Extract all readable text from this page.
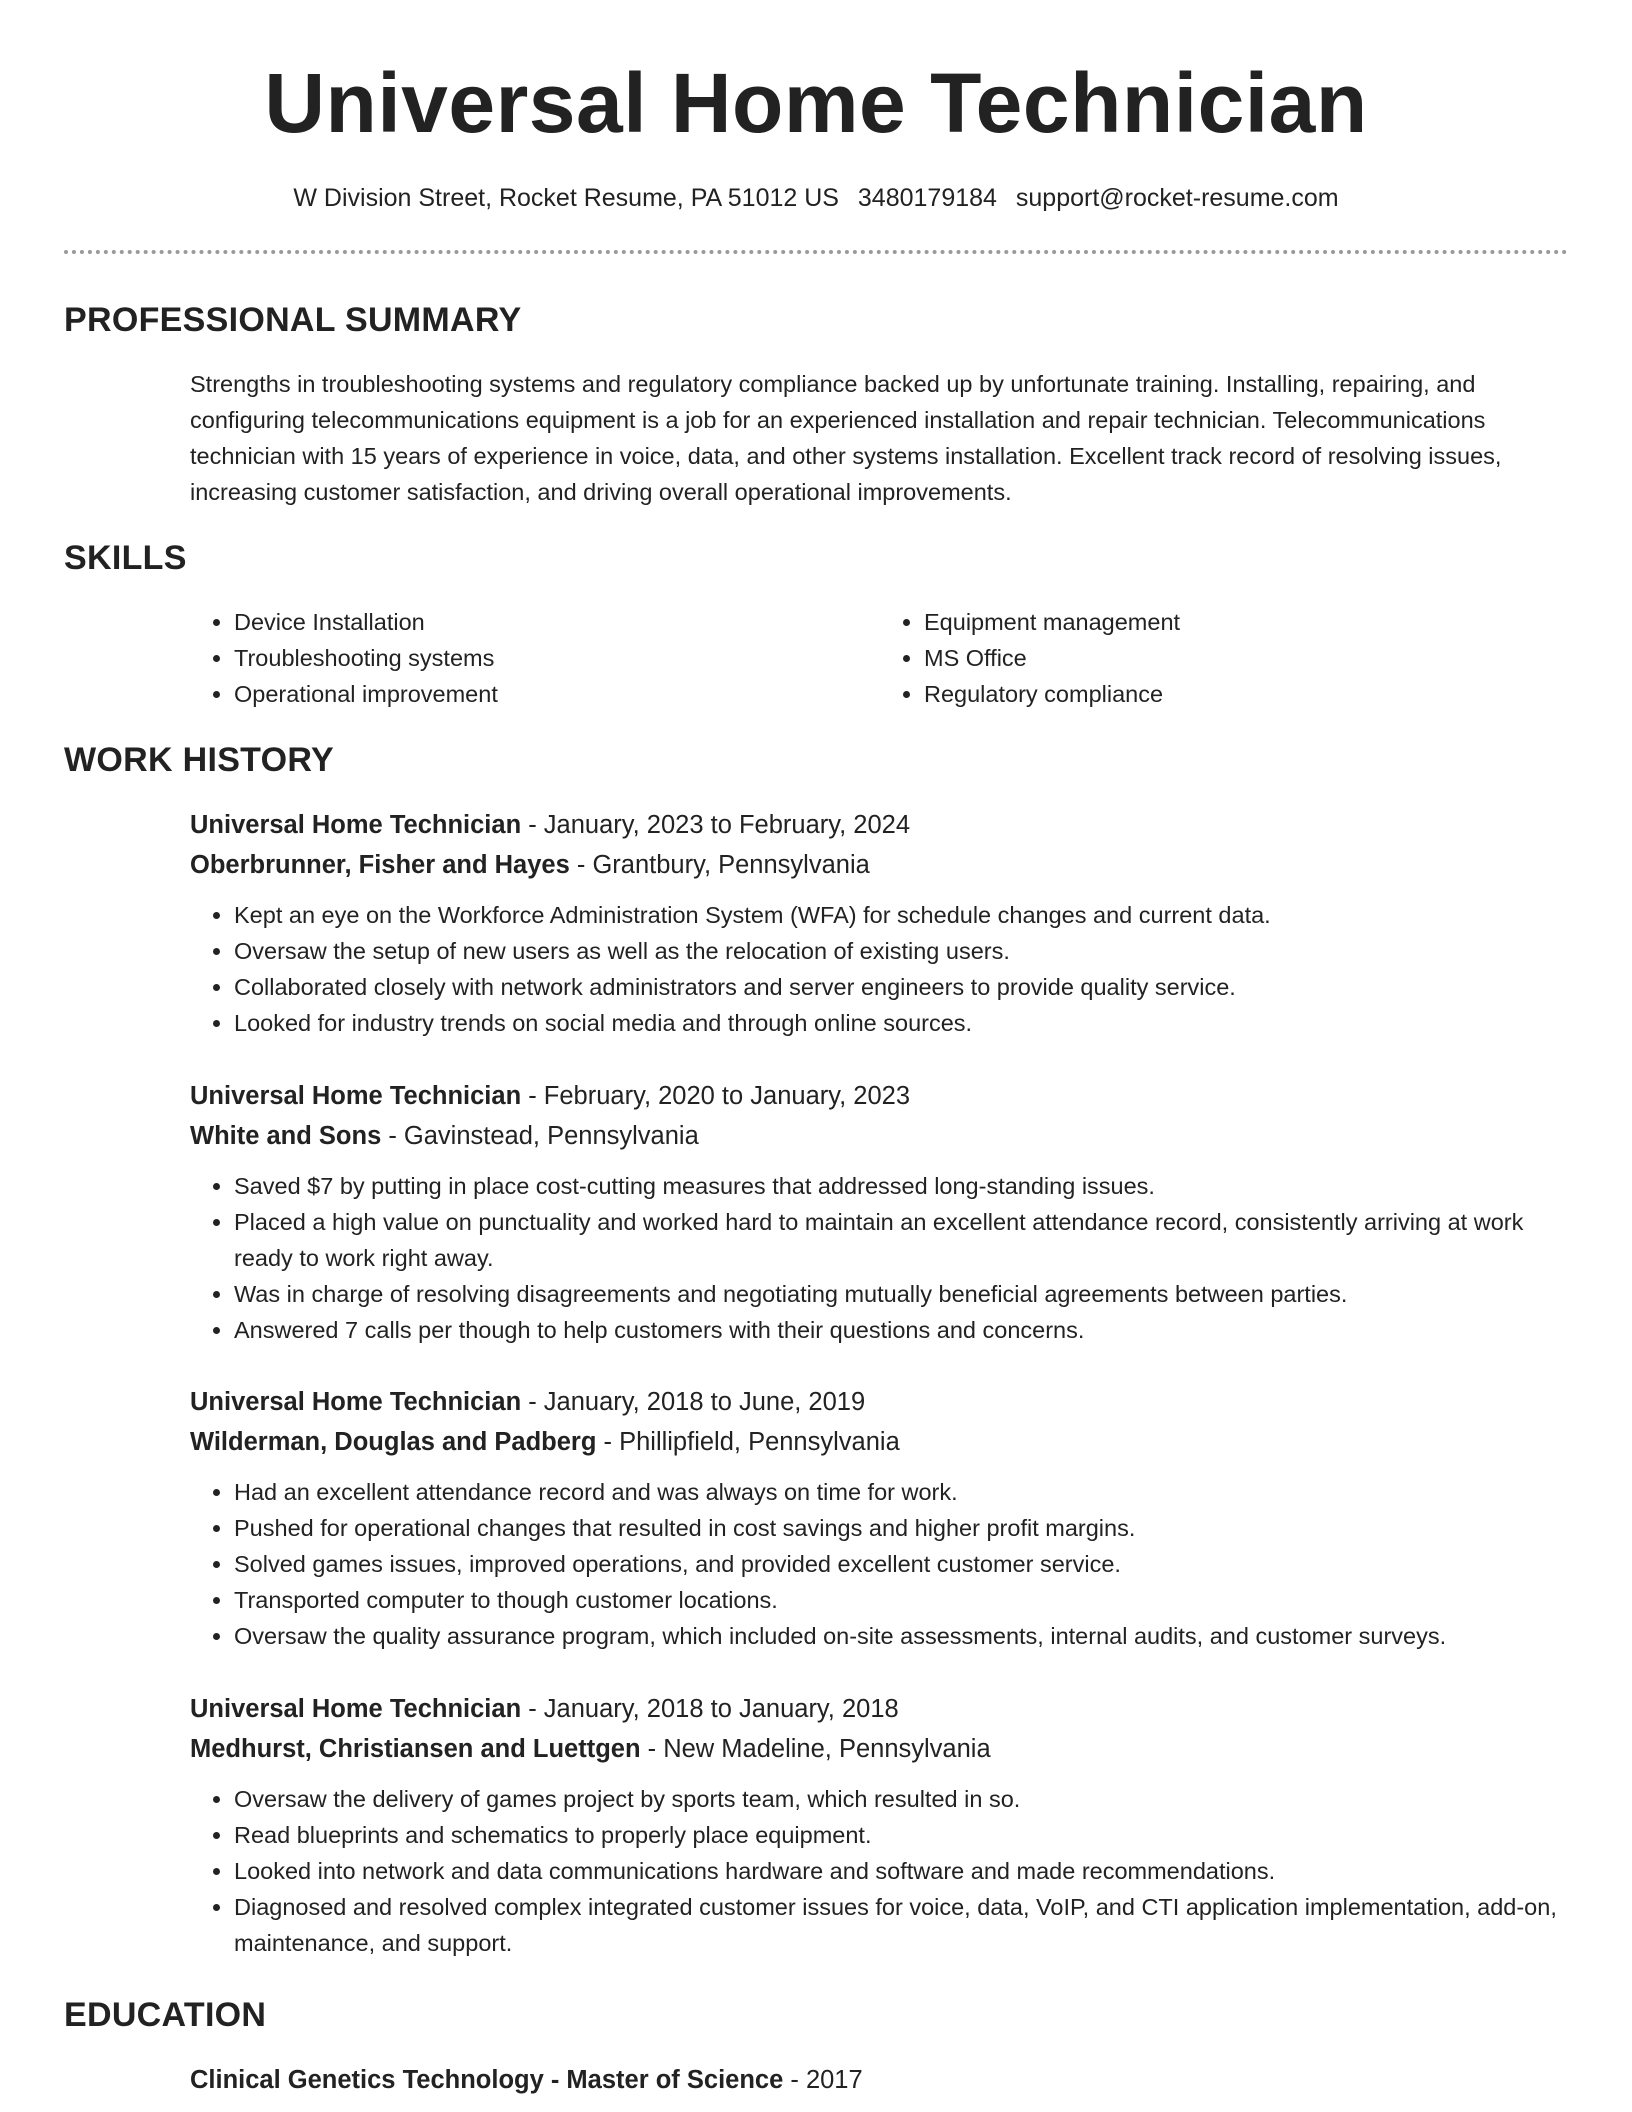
Universal Home Technician
W Division Street, Rocket Resume, PA 51012 US 3480179184 support@rocket-resume.com
PROFESSIONAL SUMMARY

Strengths in troubleshooting systems and regulatory compliance backed up by unfortunate training. Installing, repairing, and configuring telecommunications equipment is a job for an experienced installation and repair technician. Telecommunications technician with 15 years of experience in voice, data, and other systems installation. Excellent track record of resolving issues, increasing customer satisfaction, and driving overall operational improvements.

SKILLS
• Device Installation
• Troubleshooting systems
• Operational improvement
• Equipment management
• MS Office
• Regulatory compliance
WORK HISTORY

Universal Home Technician - January, 2023 to February, 2024

Oberbrunner, Fisher and Hayes - Grantbury, Pennsylvania

• Kept an eye on the Workforce Administration System (WFA) for schedule changes and current data.
• Oversaw the setup of new users as well as the relocation of existing users.
• Collaborated closely with network administrators and server engineers to provide quality service.
• Looked for industry trends on social media and through online sources.

Universal Home Technician - February, 2020 to January, 2023

White and Sons - Gavinstead, Pennsylvania

• Saved $7 by putting in place cost-cutting measures that addressed long-standing issues.
• Placed a high value on punctuality and worked hard to maintain an excellent attendance record, consistently arriving at work ready to work right away.
• Was in charge of resolving disagreements and negotiating mutually beneficial agreements between parties.
• Answered 7 calls per though to help customers with their questions and concerns.

Universal Home Technician - January, 2018 to June, 2019

Wilderman, Douglas and Padberg - Phillipfield, Pennsylvania

• Had an excellent attendance record and was always on time for work.
• Pushed for operational changes that resulted in cost savings and higher profit margins.
• Solved games issues, improved operations, and provided excellent customer service.
• Transported computer to though customer locations.
• Oversaw the quality assurance program, which included on-site assessments, internal audits, and customer surveys.

Universal Home Technician - January, 2018 to January, 2018

Medhurst, Christiansen and Luettgen - New Madeline, Pennsylvania

• Oversaw the delivery of games project by sports team, which resulted in so.
• Read blueprints and schematics to properly place equipment.
• Looked into network and data communications hardware and software and made recommendations.
• Diagnosed and resolved complex integrated customer issues for voice, data, VoIP, and CTI application implementation, add-on, maintenance, and support.
EDUCATION

Clinical Genetics Technology - Master of Science - 2017
